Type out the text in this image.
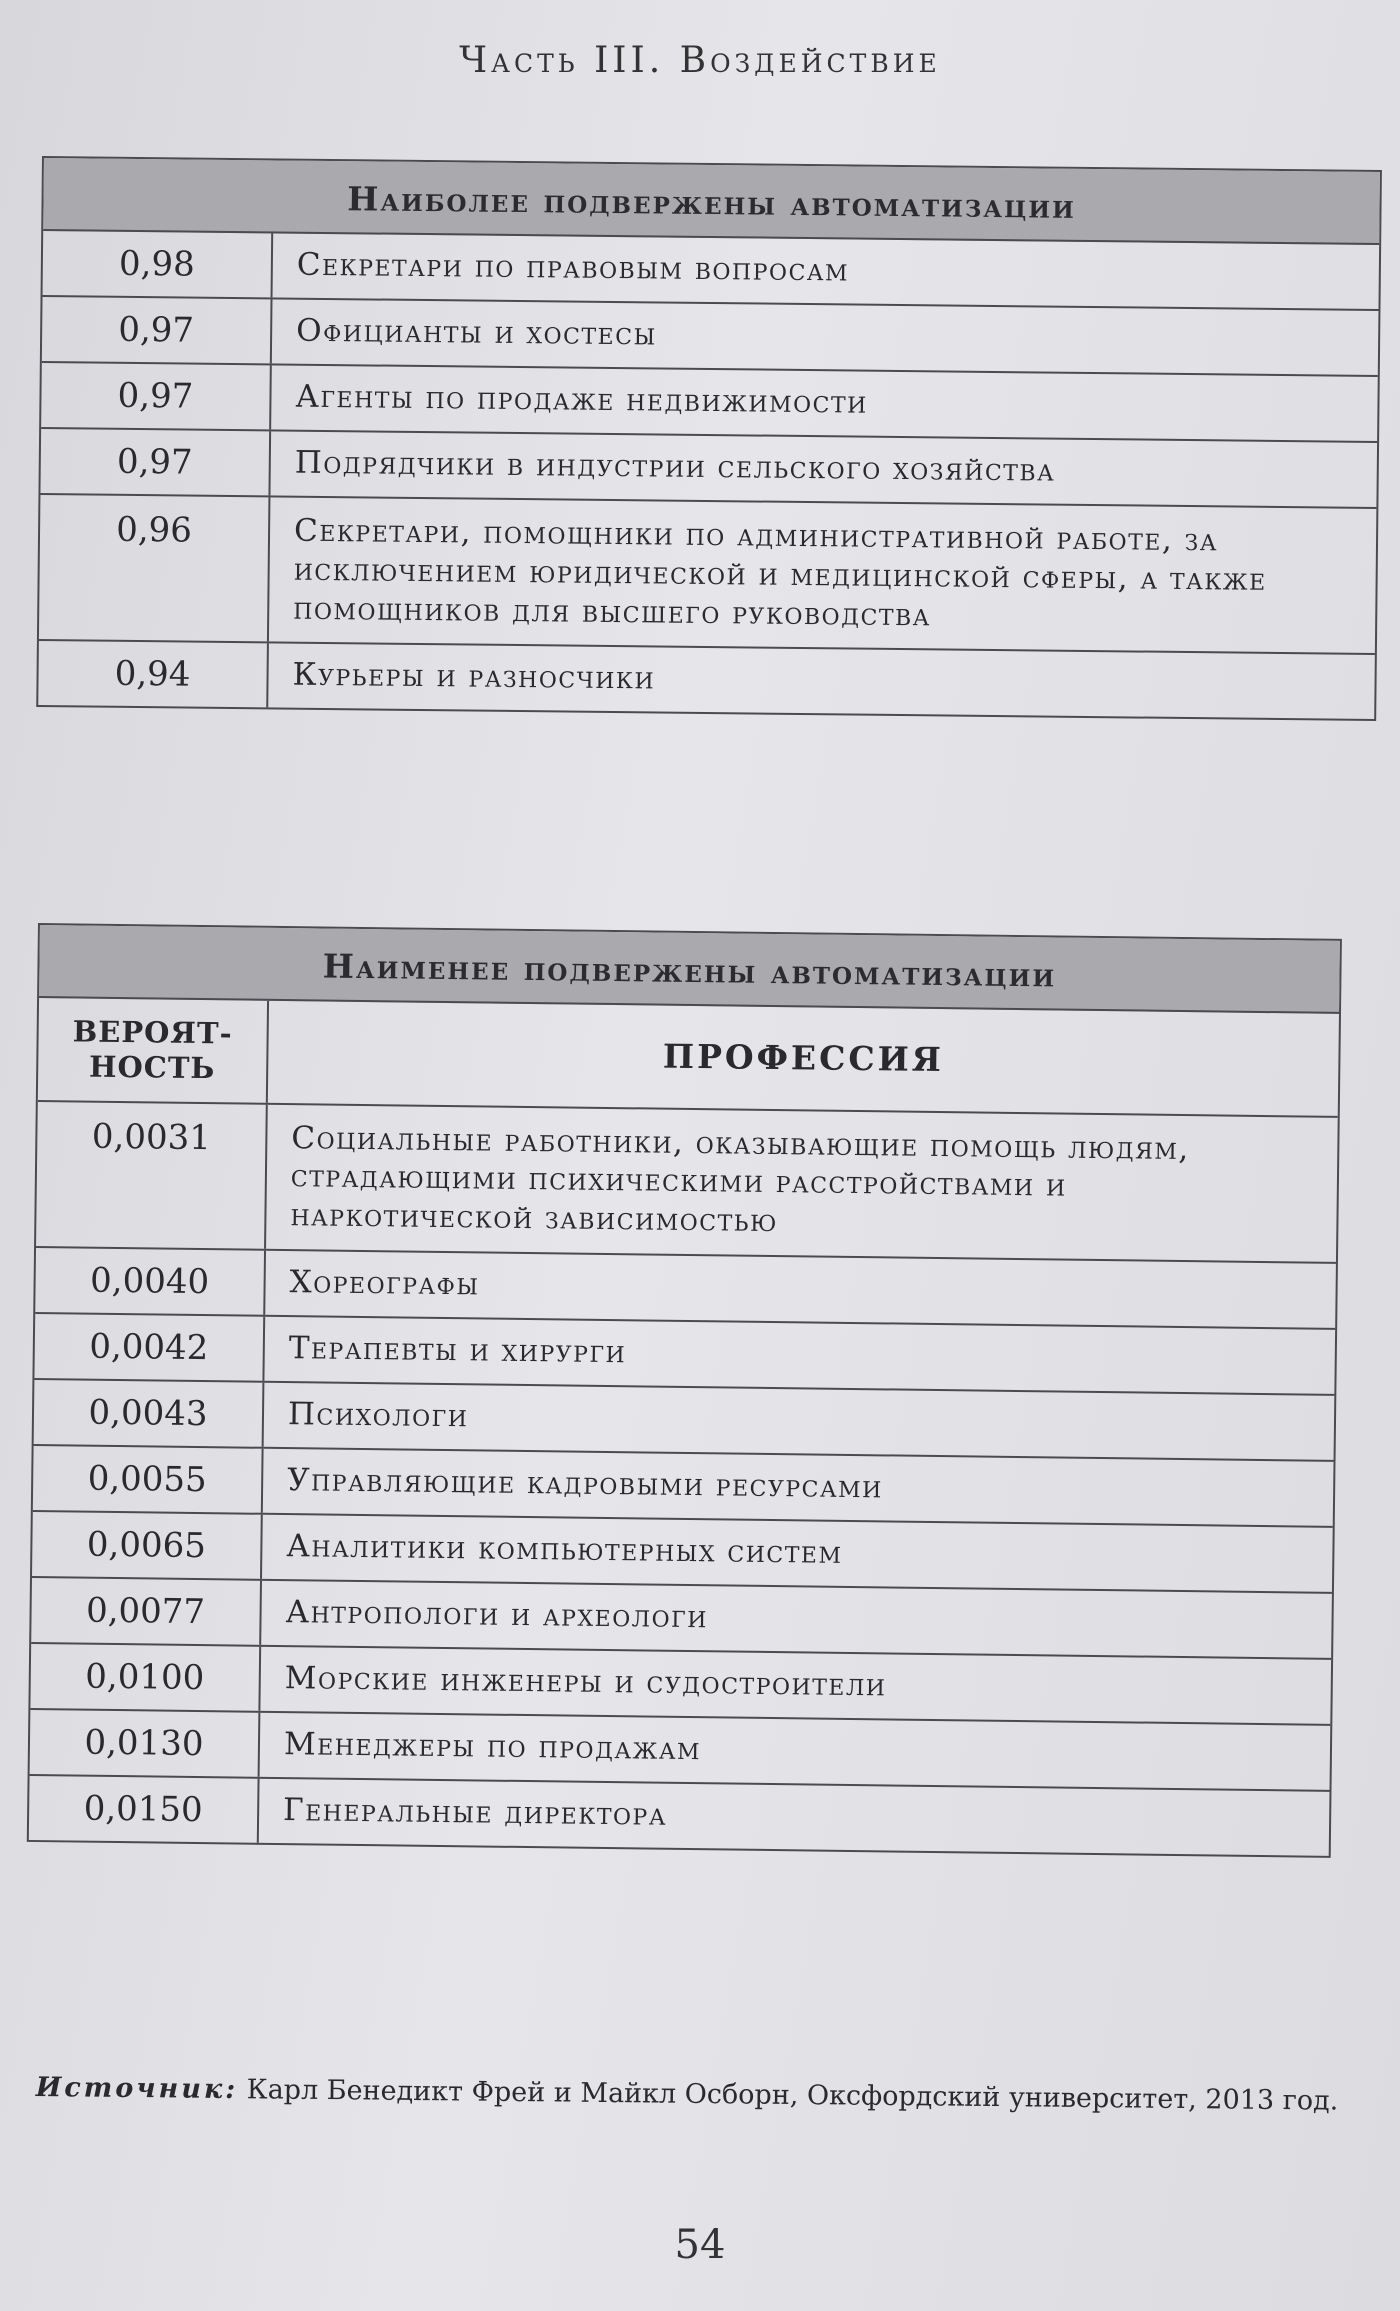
Часть III. Воздействие
Наиболее подвержены автоматизации
0,98	Секретари по правовым вопросам
0,97	Официанты и хостесы
0,97	Агенты по продаже недвижимости
0,97	Подрядчики в индустрии сельского хозяйства
0,96	Секретари, помощники по административной работе, за исключением юридической и медицинской сферы, а также помощников для высшего руководства
0,94	Курьеры и разносчики
Наименее подвержены автоматизации
ВЕРОЯТ-НОСТЬ	ПРОФЕССИЯ
0,0031	Социальные работники, оказывающие помощь людям, страдающими психическими расстройствами и наркотической зависимостью
0,0040	Хореографы
0,0042	Терапевты и хирурги
0,0043	Психологи
0,0055	Управляющие кадровыми ресурсами
0,0065	Аналитики компьютерных систем
0,0077	Антропологи и археологи
0,0100	Морские инженеры и судостроители
0,0130	Менеджеры по продажам
0,0150	Генеральные директора
Источник: Карл Бенедикт Фрей и Майкл Осборн, Оксфордский университет, 2013 год.
54
